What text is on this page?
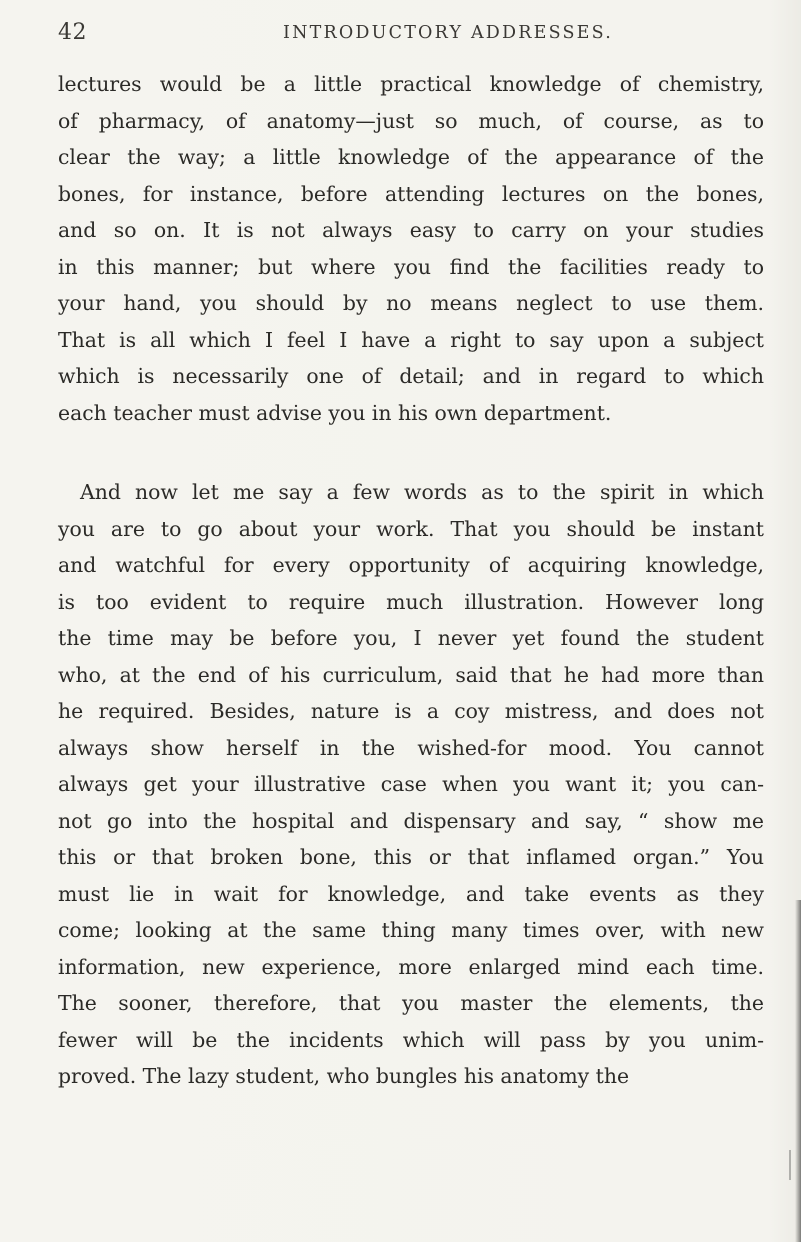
42	INTRODUCTORY ADDRESSES.
lectures would be a little practical knowledge of chemistry,
of pharmacy, of anatomy—just so much, of course, as to
clear the way; a little knowledge of the appearance of the
bones, for instance, before attending lectures on the bones,
and so on. It is not always easy to carry on your studies
in this manner; but where you find the facilities ready to
your hand, you should by no means neglect to use them.
That is all which I feel I have a right to say upon a subject
which is necessarily one of detail; and in regard to which
each teacher must advise you in his own department.
And now let me say a few words as to the spirit in which
you are to go about your work. That you should be instant
and watchful for every opportunity of acquiring knowledge,
is too evident to require much illustration. However long
the time may be before you, I never yet found the student
who, at the end of his curriculum, said that he had more than
he required. Besides, nature is a coy mistress, and does not
always show herself in the wished-for mood. You cannot
always get your illustrative case when you want it; you can-
not go into the hospital and dispensary and say, “ show me
this or that broken bone, this or that inflamed organ.” You
must lie in wait for knowledge, and take events as they
come; looking at the same thing many times over, with new
information, new experience, more enlarged mind each time.
The sooner, therefore, that you master the elements, the
fewer will be the incidents which will pass by you unim-
proved. The lazy student, who bungles his anatomy the
